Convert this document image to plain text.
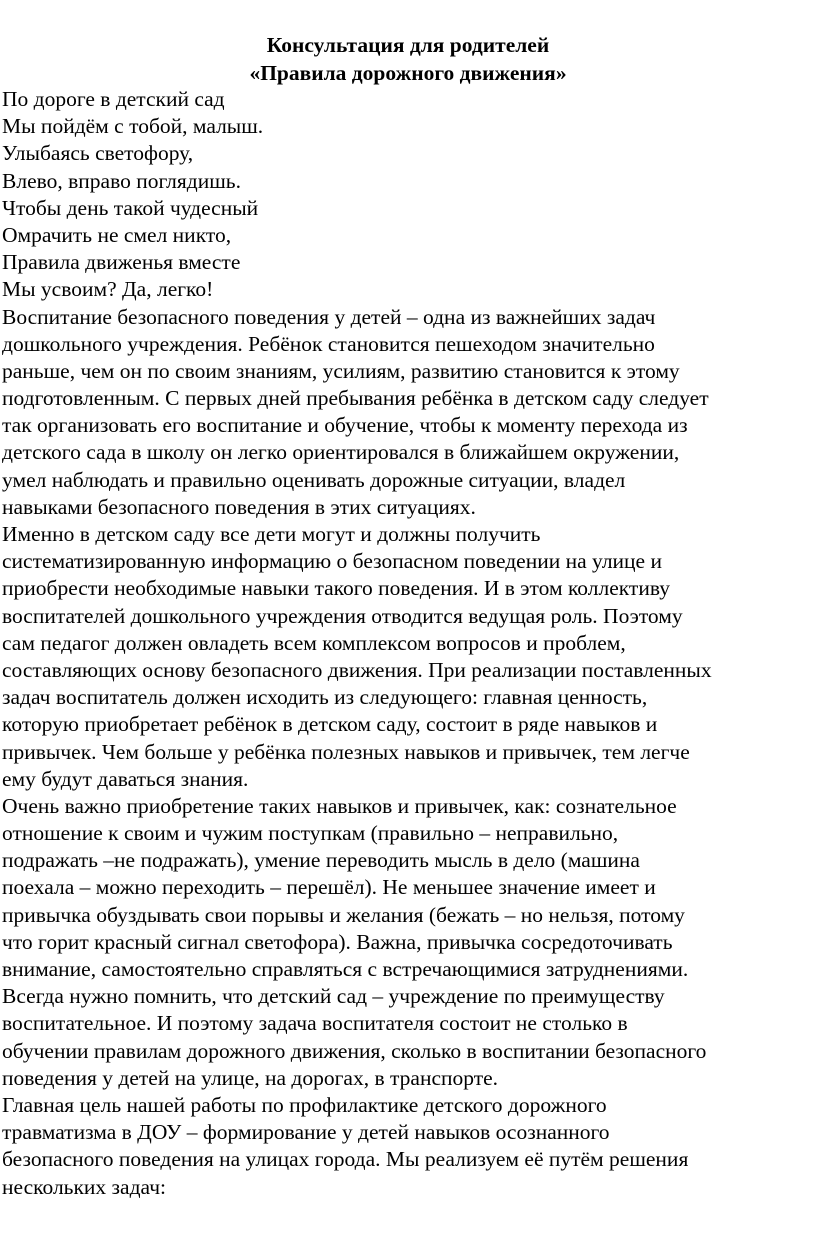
Консультация для родителей
«Правила дорожного движения»
По дороге в детский сад
Мы пойдём с тобой, малыш.
Улыбаясь светофору,
Влево, вправо поглядишь.
Чтобы день такой чудесный
Омрачить не смел никто,
Правила движенья вместе
Мы усвоим? Да, легко!
Воспитание безопасного поведения у детей – одна из важнейших задач
дошкольного учреждения. Ребёнок становится пешеходом значительно
раньше, чем он по своим знаниям, усилиям, развитию становится к этому
подготовленным. С первых дней пребывания ребёнка в детском саду следует
так организовать его воспитание и обучение, чтобы к моменту перехода из
детского сада в школу он легко ориентировался в ближайшем окружении,
умел наблюдать и правильно оценивать дорожные ситуации, владел
навыками безопасного поведения в этих ситуациях.
Именно в детском саду все дети могут и должны получить
систематизированную информацию о безопасном поведении на улице и
приобрести необходимые навыки такого поведения. И в этом коллективу
воспитателей дошкольного учреждения отводится ведущая роль. Поэтому
сам педагог должен овладеть всем комплексом вопросов и проблем,
составляющих основу безопасного движения. При реализации поставленных
задач воспитатель должен исходить из следующего: главная ценность,
которую приобретает ребёнок в детском саду, состоит в ряде навыков и
привычек. Чем больше у ребёнка полезных навыков и привычек, тем легче
ему будут даваться знания.
Очень важно приобретение таких навыков и привычек, как: сознательное
отношение к своим и чужим поступкам (правильно – неправильно,
подражать –не подражать), умение переводить мысль в дело (машина
поехала – можно переходить – перешёл). Не меньшее значение имеет и
привычка обуздывать свои порывы и желания (бежать – но нельзя, потому
что горит красный сигнал светофора). Важна, привычка сосредоточивать
внимание, самостоятельно справляться с встречающимися затруднениями.
Всегда нужно помнить, что детский сад – учреждение по преимуществу
воспитательное. И поэтому задача воспитателя состоит не столько в
обучении правилам дорожного движения, сколько в воспитании безопасного
поведения у детей на улице, на дорогах, в транспорте.
Главная цель нашей работы по профилактике детского дорожного
травматизма в ДОУ – формирование у детей навыков осознанного
безопасного поведения на улицах города. Мы реализуем её путём решения
нескольких задач:
